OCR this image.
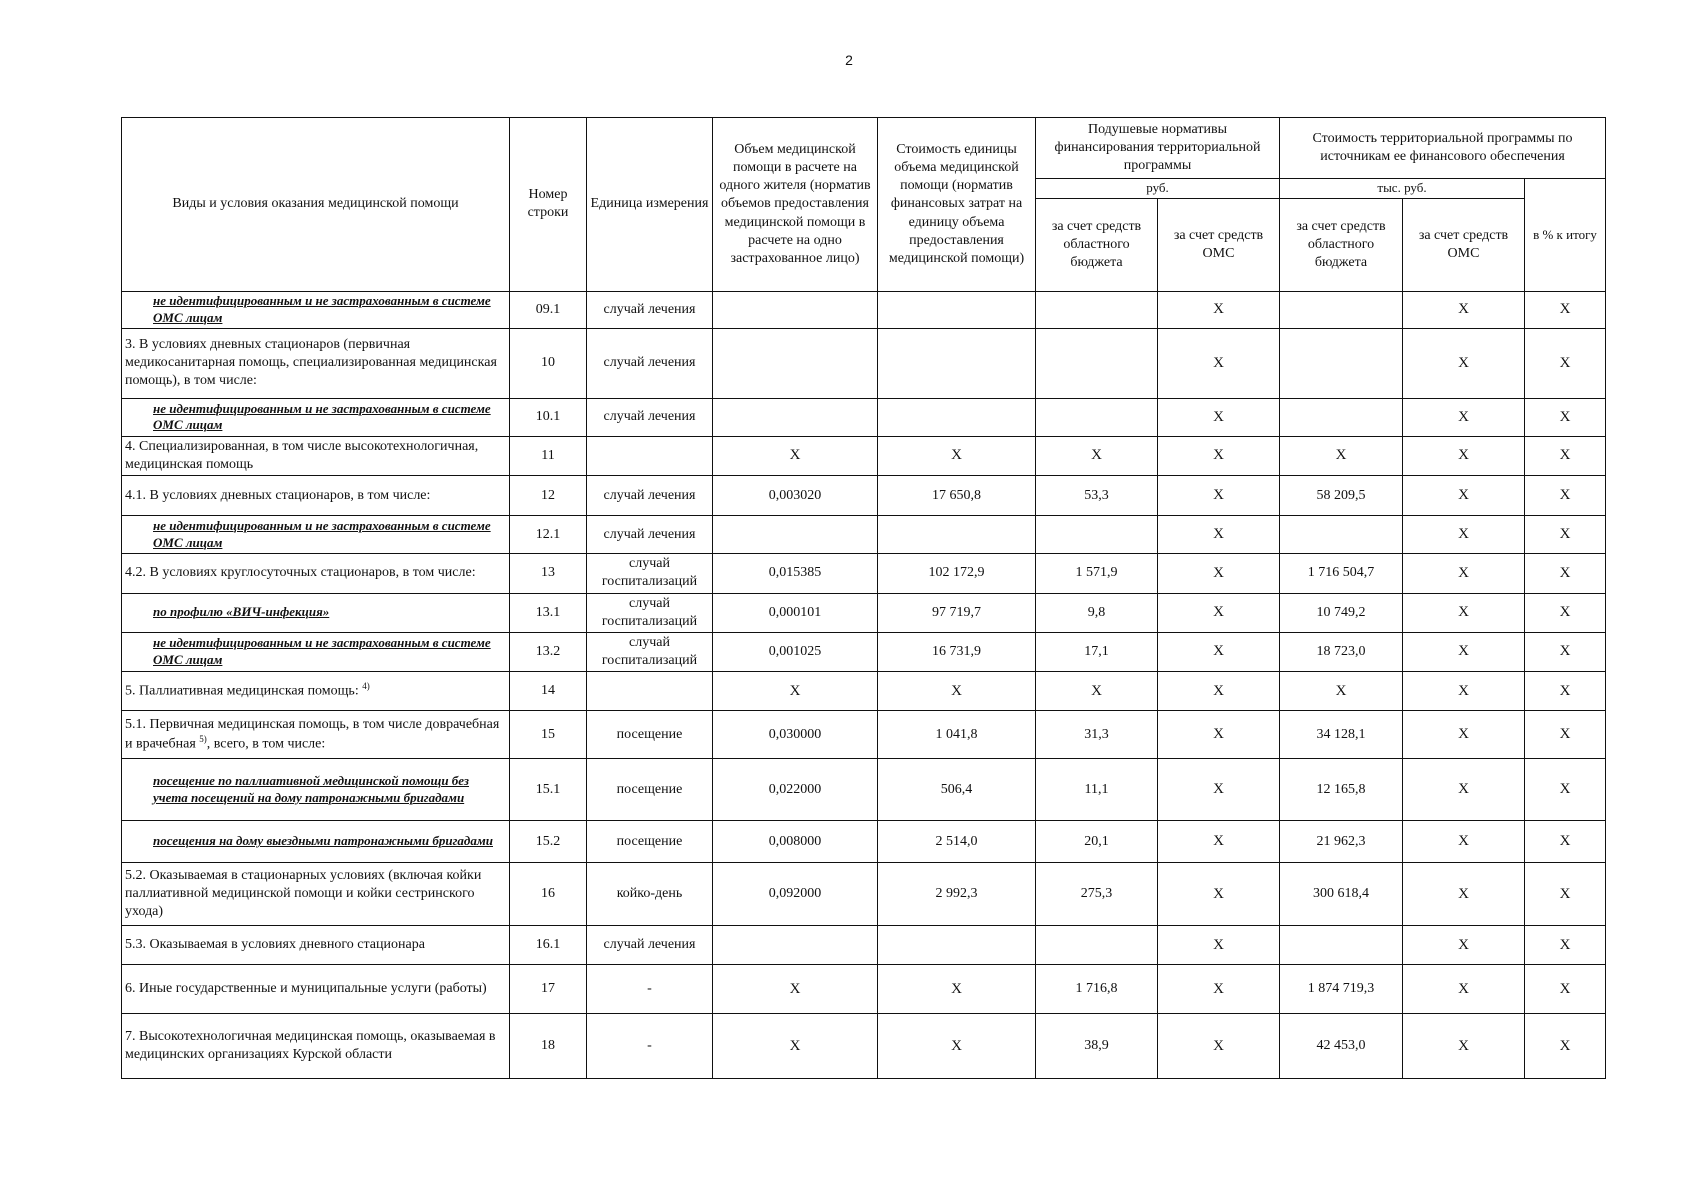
2
Виды и условия оказания медицинской помощи	Номер строки	Единица измерения	Объем медицинской помощи в расчете на одного жителя (норматив объемов предоставления медицинской помощи в расчете на одно застрахованное лицо)	Стоимость единицы объема медицинской помощи (норматив финансовых затрат на единицу объема предоставления медицинской помощи)	Подушевые нормативы финансирования территориальной программы		Стоимость территориальной программы по источникам ее финансового обеспечения		
					руб.		тыс. руб.		в % к итогу
					за счет средств областного бюджета	за счет средств ОМС	за счет средств областного бюджета	за счет средств ОМС	
не идентифицированным и не застрахованным в системе ОМС лицам	09.1	случай лечения				X		X	X
3. В условиях дневных стационаров (первичная медикосанитарная помощь, специализированная медицинская помощь), в том числе:	10	случай лечения				X		X	X
не идентифицированным и не застрахованным в системе ОМС лицам	10.1	случай лечения				X		X	X
4. Специализированная, в том числе высокотехнологичная, медицинская помощь	11		X	X	X	X	X	X	X
4.1. В условиях дневных стационаров, в том числе:	12	случай лечения	0,003020	17 650,8	53,3	X	58 209,5	X	X
не идентифицированным и не застрахованным в системе ОМС лицам	12.1	случай лечения				X		X	X
4.2. В условиях круглосуточных стационаров, в том числе:	13	случай госпитализаций	0,015385	102 172,9	1 571,9	X	1 716 504,7	X	X
по профилю «ВИЧ-инфекция»	13.1	случай госпитализаций	0,000101	97 719,7	9,8	X	10 749,2	X	X
не идентифицированным и не застрахованным в системе ОМС лицам	13.2	случай госпитализаций	0,001025	16 731,9	17,1	X	18 723,0	X	X
5. Паллиативная медицинская помощь: $^{4)}$	14		X	X	X	X	X	X	X
5.1. Первичная медицинская помощь, в том числе доврачебная и врачебная $^{5)}$, всего, в том числе:	15	посещение	0,030000	1 041,8	31,3	X	34 128,1	X	X
посещение по паллиативной медицинской помощи без учета посещений на дому патронажными бригадами	15.1	посещение	0,022000	506,4	11,1	X	12 165,8	X	X
посещения на дому выездными патронажными бригадами	15.2	посещение	0,008000	2 514,0	20,1	X	21 962,3	X	X
5.2. Оказываемая в стационарных условиях (включая койки паллиативной медицинской помощи и койки сестринского ухода)	16	койко-день	0,092000	2 992,3	275,3	X	300 618,4	X	X
5.3. Оказываемая в условиях дневного стационара	16.1	случай лечения				X		X	X
6. Иные государственные и муниципальные услуги (работы)	17	-	X	X	1 716,8	X	1 874 719,3	X	X
7. Высокотехнологичная медицинская помощь, оказываемая в медицинских организациях Курской области	18	-	X	X	38,9	X	42 453,0	X	X
